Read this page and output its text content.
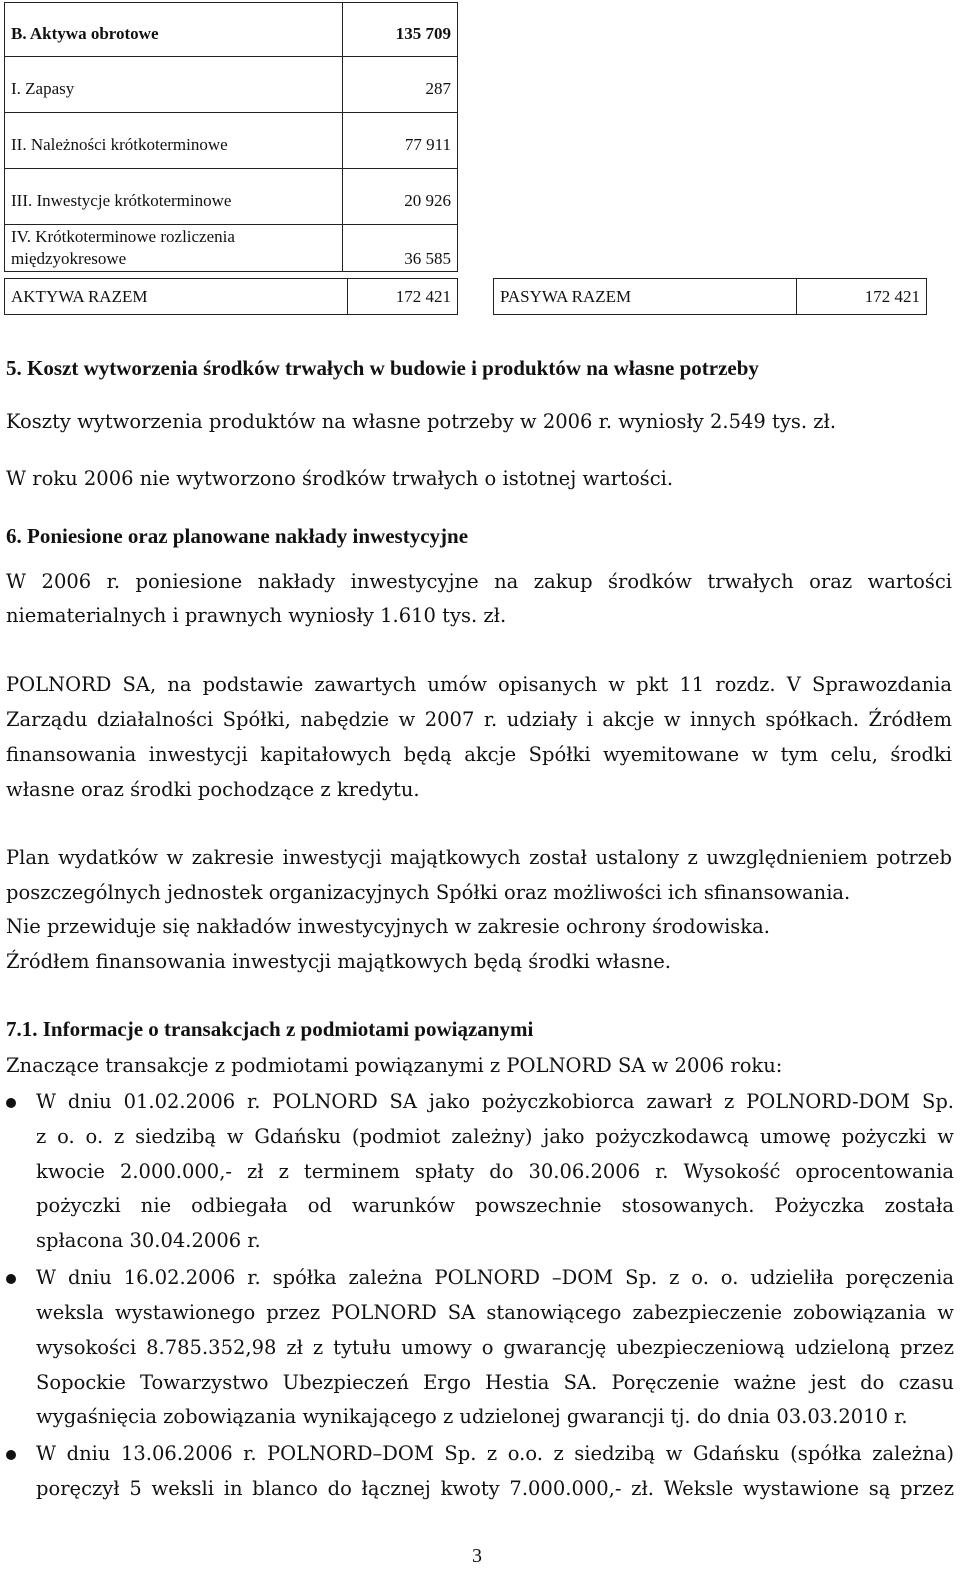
B. Aktywa obrotowe	135 709
I. Zapasy	287
II. Należności krótkoterminowe	77 911
III. Inwestycje krótkoterminowe	20 926

IV. Krótkoterminowe rozliczenia
międzyokresowe	36 585
AKTYWA RAZEM	172 421	PASYWA RAZEM	172 421
5. Koszt wytworzenia środków trwałych w budowie i produktów na własne potrzeby
Koszty wytworzenia produktów na własne potrzeby w 2006 r. wyniosły 2.549 tys. zł.
W roku 2006 nie wytworzono środków trwałych o istotnej wartości.
6. Poniesione oraz planowane nakłady inwestycyjne
W 2006 r. poniesione nakłady inwestycyjne na zakup środków trwałych oraz wartości
niematerialnych i prawnych wyniosły 1.610 tys. zł.
POLNORD SA, na podstawie zawartych umów opisanych w pkt 11 rozdz. V Sprawozdania
Zarządu działalności Spółki, nabędzie w 2007 r. udziały i akcje w innych spółkach. Źródłem
finansowania inwestycji kapitałowych będą akcje Spółki wyemitowane w tym celu, środki
własne oraz środki pochodzące z kredytu.
Plan wydatków w zakresie inwestycji majątkowych został ustalony z uwzględnieniem potrzeb
poszczególnych jednostek organizacyjnych Spółki oraz możliwości ich sfinansowania.
Nie przewiduje się nakładów inwestycyjnych w zakresie ochrony środowiska.
Źródłem finansowania inwestycji majątkowych będą środki własne.
7.1. Informacje o transakcjach z podmiotami powiązanymi
Znaczące transakcje z podmiotami powiązanymi z POLNORD SA w 2006 roku:
W dniu 01.02.2006 r. POLNORD SA jako pożyczkobiorca zawarł z POLNORD-DOM Sp.
z o. o. z siedzibą w Gdańsku (podmiot zależny) jako pożyczkodawcą umowę pożyczki w
kwocie 2.000.000,- zł z terminem spłaty do 30.06.2006 r. Wysokość oprocentowania
pożyczki nie odbiegała od warunków powszechnie stosowanych. Pożyczka została
spłacona 30.04.2006 r.
W dniu 16.02.2006 r. spółka zależna POLNORD –DOM Sp. z o. o. udzieliła poręczenia
weksla wystawionego przez POLNORD SA stanowiącego zabezpieczenie zobowiązania w
wysokości 8.785.352,98 zł z tytułu umowy o gwarancję ubezpieczeniową udzieloną przez
Sopockie Towarzystwo Ubezpieczeń Ergo Hestia SA. Poręczenie ważne jest do czasu
wygaśnięcia zobowiązania wynikającego z udzielonej gwarancji tj. do dnia 03.03.2010 r.
W dniu 13.06.2006 r. POLNORD–DOM Sp. z o.o. z siedzibą w Gdańsku (spółka zależna)
poręczył 5 weksli in blanco do łącznej kwoty 7.000.000,- zł. Weksle wystawione są przez
3
